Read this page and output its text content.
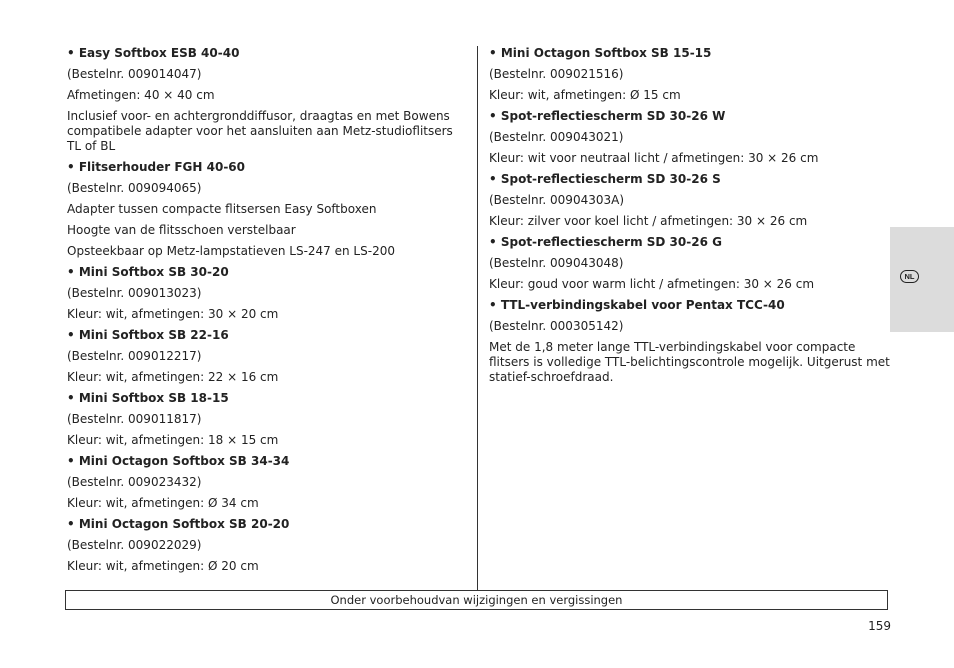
• Easy Softbox ESB 40-40

(Bestelnr. 009014047)

Afmetingen: 40 × 40 cm

Inclusief voor- en achtergronddiffusor, draagtas en met Bowens compatibele adapter voor het aansluiten aan Metz-studioflitsers TL of BL

• Flitserhouder FGH 40-60

(Bestelnr. 009094065)

Adapter tussen compacte flitsersen Easy Softboxen

Hoogte van de flitsschoen verstelbaar

Opsteekbaar op Metz-lampstatieven LS-247 en LS-200

• Mini Softbox SB 30-20

(Bestelnr. 009013023)

Kleur: wit, afmetingen: 30 × 20 cm

• Mini Softbox SB 22-16

(Bestelnr. 009012217)

Kleur: wit, afmetingen: 22 × 16 cm

• Mini Softbox SB 18-15

(Bestelnr. 009011817)

Kleur: wit, afmetingen: 18 × 15 cm

• Mini Octagon Softbox SB 34-34

(Bestelnr. 009023432)

Kleur: wit, afmetingen: Ø 34 cm

• Mini Octagon Softbox SB 20-20

(Bestelnr. 009022029)

Kleur: wit, afmetingen: Ø 20 cm

• Mini Octagon Softbox SB 15-15

(Bestelnr. 009021516)

Kleur: wit, afmetingen: Ø 15 cm

• Spot-reflectiescherm SD 30-26 W

(Bestelnr. 009043021)

Kleur: wit voor neutraal licht / afmetingen: 30 × 26 cm

• Spot-reflectiescherm SD 30-26 S

(Bestelnr. 00904303A)

Kleur: zilver voor koel licht / afmetingen: 30 × 26 cm

• Spot-reflectiescherm SD 30-26 G

(Bestelnr. 009043048)

Kleur: goud voor warm licht / afmetingen: 30 × 26 cm

• TTL-verbindingskabel voor Pentax TCC-40

(Bestelnr. 000305142)

Met de 1,8 meter lange TTL-verbindingskabel voor compacte flitsers is volledige TTL-belichtingscontrole mogelijk. Uitgerust met statief-schroefdraad.

Onder voorbehoudvan wijzigingen en vergissingen
159
NL
